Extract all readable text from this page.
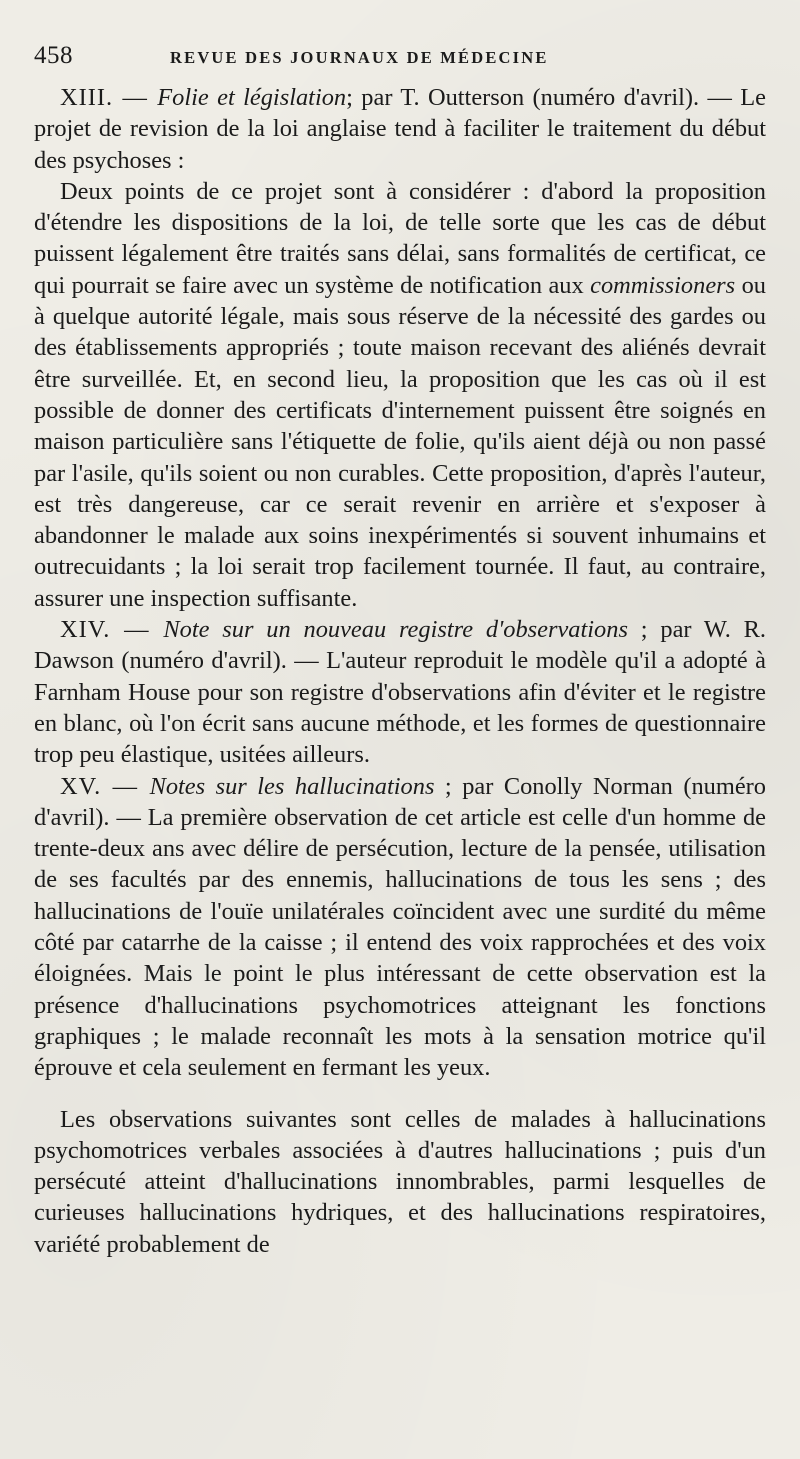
458	REVUE DES JOURNAUX DE MÉDECINE

XIII. — Folie et législation; par T. Outterson (numéro d'avril). — Le projet de revision de la loi anglaise tend à faciliter le traitement du début des psychoses :

Deux points de ce projet sont à considérer : d'abord la proposition d'étendre les dispositions de la loi, de telle sorte que les cas de début puissent légalement être traités sans délai, sans formalités de certificat, ce qui pourrait se faire avec un système de notification aux commissioners ou à quelque autorité légale, mais sous réserve de la nécessité des gardes ou des établissements appropriés ; toute maison recevant des aliénés devrait être surveillée. Et, en second lieu, la proposition que les cas où il est possible de donner des certificats d'internement puissent être soignés en maison particulière sans l'étiquette de folie, qu'ils aient déjà ou non passé par l'asile, qu'ils soient ou non curables. Cette proposition, d'après l'auteur, est très dangereuse, car ce serait revenir en arrière et s'exposer à abandonner le malade aux soins inexpérimentés si souvent inhumains et outrecuidants ; la loi serait trop facilement tournée. Il faut, au contraire, assurer une inspection suffisante.

XIV. — Note sur un nouveau registre d'observations ; par W. R. Dawson (numéro d'avril). — L'auteur reproduit le modèle qu'il a adopté à Farnham House pour son registre d'observations afin d'éviter et le registre en blanc, où l'on écrit sans aucune méthode, et les formes de questionnaire trop peu élastique, usitées ailleurs.

XV. — Notes sur les hallucinations ; par Conolly Norman (numéro d'avril). — La première observation de cet article est celle d'un homme de trente-deux ans avec délire de persécution, lecture de la pensée, utilisation de ses facultés par des ennemis, hallucinations de tous les sens ; des hallucinations de l'ouïe unilatérales coïncident avec une surdité du même côté par catarrhe de la caisse ; il entend des voix rapprochées et des voix éloignées. Mais le point le plus intéressant de cette observation est la présence d'hallucinations psychomotrices atteignant les fonctions graphiques ; le malade reconnaît les mots à la sensation motrice qu'il éprouve et cela seulement en fermant les yeux.

Les observations suivantes sont celles de malades à hallucinations psychomotrices verbales associées à d'autres hallucinations ; puis d'un persécuté atteint d'hallucinations innombrables, parmi lesquelles de curieuses hallucinations hydriques, et des hallucinations respiratoires, variété probablement de
